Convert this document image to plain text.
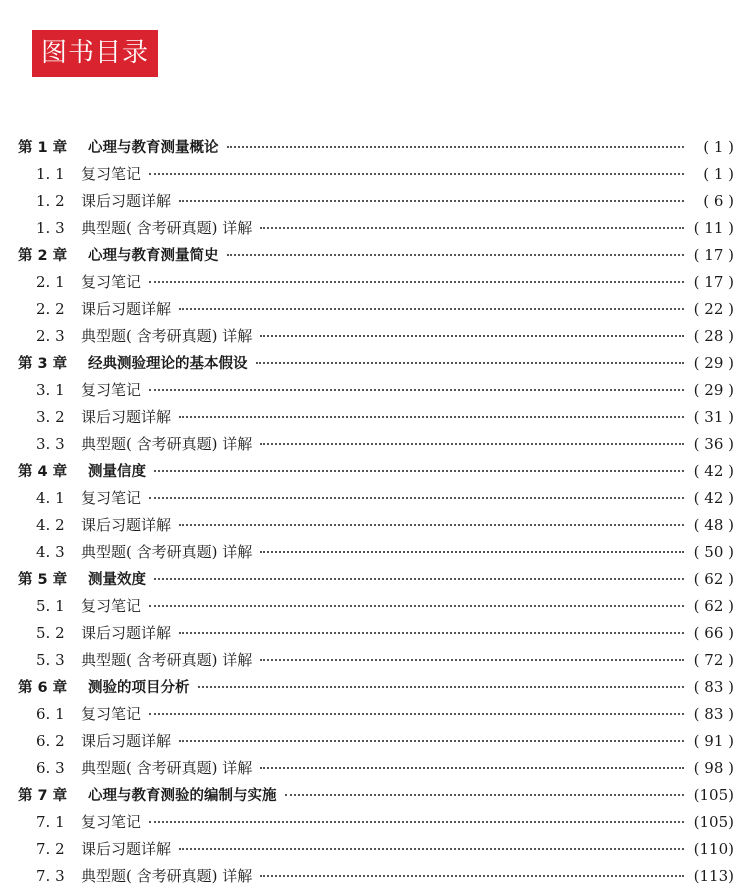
图书目录
第 1 章	心理与教育测量概论	( 1 )
1. 1	复习笔记	( 1 )
1. 2	课后习题详解	( 6 )
1. 3	典型题( 含考研真题) 详解	( 11 )
第 2 章	心理与教育测量简史	( 17 )
2. 1	复习笔记	( 17 )
2. 2	课后习题详解	( 22 )
2. 3	典型题( 含考研真题) 详解	( 28 )
第 3 章	经典测验理论的基本假设	( 29 )
3. 1	复习笔记	( 29 )
3. 2	课后习题详解	( 31 )
3. 3	典型题( 含考研真题) 详解	( 36 )
第 4 章	测量信度	( 42 )
4. 1	复习笔记	( 42 )
4. 2	课后习题详解	( 48 )
4. 3	典型题( 含考研真题) 详解	( 50 )
第 5 章	测量效度	( 62 )
5. 1	复习笔记	( 62 )
5. 2	课后习题详解	( 66 )
5. 3	典型题( 含考研真题) 详解	( 72 )
第 6 章	测验的项目分析	( 83 )
6. 1	复习笔记	( 83 )
6. 2	课后习题详解	( 91 )
6. 3	典型题( 含考研真题) 详解	( 98 )
第 7 章	心理与教育测验的编制与实施	(105)
7. 1	复习笔记	(105)
7. 2	课后习题详解	(110)
7. 3	典型题( 含考研真题) 详解	(113)
